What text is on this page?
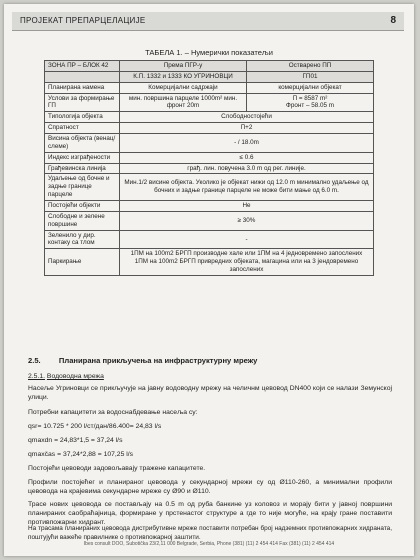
ПРОЈЕКАТ ПРЕПАРЦЕЛАЦИЈЕ	8
ТАБЕЛА 1. – Нумерички показатељи
ЗОНА ПР – БЛОК 42	Према ПГР-у	Остварено ПП
	К.П. 1332 и 1333 КО УГРИНОВЦИ	ГП01
Планирана намена	Комерцијални садржаји	комерцијални објекат
Услови за формирање ГП	мин. површина парцеле 1000m² мин. фронт 20m	П = 8587 m²
Фронт – 58.05 m
Типологија објекта	Слободностојећи	
Спратност	П+2	
Висина објекта (венац/слеме)	- / 18.0m	
Индекс изграђености	≤ 0.6	
Грађевинска линија	грађ. лин. повучена 3.0 m од рег. линије.	
Удаљење од бочне и задње границе парцеле	Мин.1/2 висине објекта. Уколико је објекат нижи од 12.0 m минимално удаљење од бочних и задње границе парцеле не може бити мање од 6.0 m.	
Постојећи објекти	Не	
Слободне и зелене површине	≥ 30%	
Зеленило у дир. контаку са тлом	-	
Паркирање	1ПМ на 100m2 БРГП производне хале или 1ПМ на 4 једновремено запослених
1ПМ на 100m2 БРГП привредних објеката, магацина или на 3 јендовремено запослених	
2.5. Планирана прикључења на инфраструктурну мрежу
2.5.1. Водоводна мрежа
Насеље Угриновци се прикључује на јавну водоводну мрежу на челичнм цевовод DN400 који се налази Земунској улици.
Потребни капацитети за водоснабдевање насеља су:
qsr= 10.725 * 200 l/ст/дан/86.400= 24,83 l/s
qmaxdn = 24,83*1,5 = 37,24 l/s
qmaxčas = 37,24*2,88 = 107,25 l/s
Постојећи цевоводи задовољавају тражене капацитете.
Профили постојећег и планираног цевовода у секундарној мрежи су од Ø110-260, а минимални профили цевовода на крајевима секундарне мреже су Ø90 и Ø110.
Трасе нових цевовода се постављају на 0.5 m од руба банкине уз коловоз и морају бити у јавној површини планираних саобраћајница, формиране у прстенастог структуре а где то није могуће, на крају гране поставити противпожарни хидрант.
На трасама планираних цевовода дистрибутивне мреже поставити потребан број надземних противпожарних хидраната, поштујући важеће правилнике о противпожарној заштити.
Ibes consult DOO, Subotička 23/2,11 000 Belgrade, Serbia, Phone (381) (11) 2 454 414 Fax (381) (11) 2 454 414
